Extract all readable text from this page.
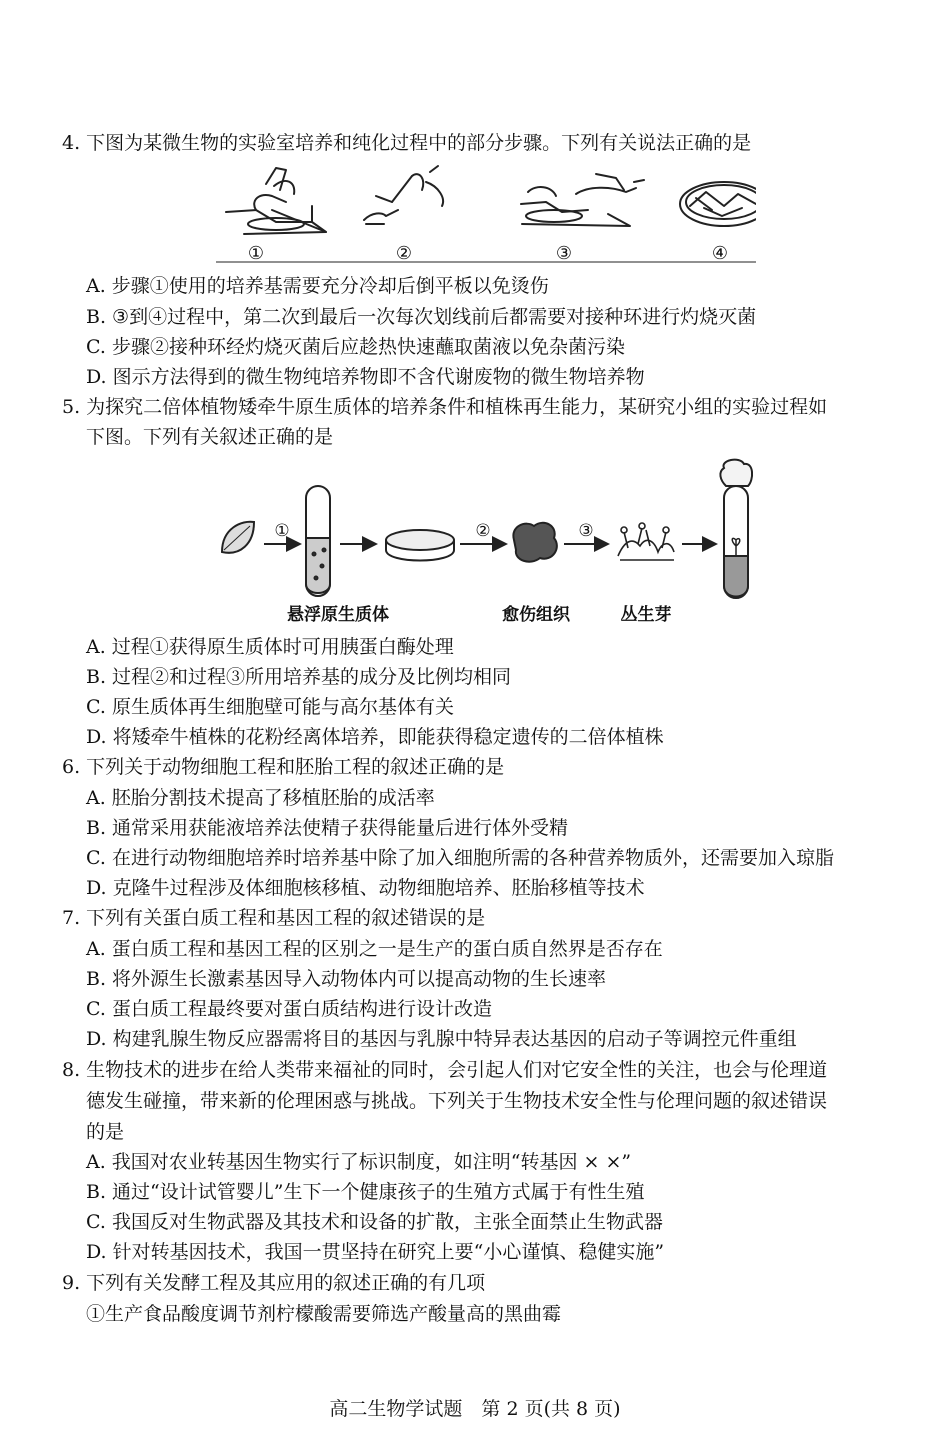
4. 下图为某微生物的实验室培养和纯化过程中的部分步骤。下列有关说法正确的是
①	②	③	④
A. 步骤①使用的培养基需要充分冷却后倒平板以免烫伤
B. ③到④过程中，第二次到最后一次每次划线前后都需要对接种环进行灼烧灭菌
C. 步骤②接种环经灼烧灭菌后应趁热快速蘸取菌液以免杂菌污染
D. 图示方法得到的微生物纯培养物即不含代谢废物的微生物培养物
5. 为探究二倍体植物矮牵牛原生质体的培养条件和植株再生能力，某研究小组的实验过程如
下图。下列有关叙述正确的是
①	②	③
悬浮原生质体	愈伤组织	丛生芽
A. 过程①获得原生质体时可用胰蛋白酶处理
B. 过程②和过程③所用培养基的成分及比例均相同
C. 原生质体再生细胞壁可能与高尔基体有关
D. 将矮牵牛植株的花粉经离体培养，即能获得稳定遗传的二倍体植株
6. 下列关于动物细胞工程和胚胎工程的叙述正确的是
A. 胚胎分割技术提高了移植胚胎的成活率
B. 通常采用获能液培养法使精子获得能量后进行体外受精
C. 在进行动物细胞培养时培养基中除了加入细胞所需的各种营养物质外，还需要加入琼脂
D. 克隆牛过程涉及体细胞核移植、动物细胞培养、胚胎移植等技术
7. 下列有关蛋白质工程和基因工程的叙述错误的是
A. 蛋白质工程和基因工程的区别之一是生产的蛋白质自然界是否存在
B. 将外源生长激素基因导入动物体内可以提高动物的生长速率
C. 蛋白质工程最终要对蛋白质结构进行设计改造
D. 构建乳腺生物反应器需将目的基因与乳腺中特异表达基因的启动子等调控元件重组
8. 生物技术的进步在给人类带来福祉的同时，会引起人们对它安全性的关注，也会与伦理道
德发生碰撞，带来新的伦理困惑与挑战。下列关于生物技术安全性与伦理问题的叙述错误
的是
A. 我国对农业转基因生物实行了标识制度，如注明“转基因 × ×”
B. 通过“设计试管婴儿”生下一个健康孩子的生殖方式属于有性生殖
C. 我国反对生物武器及其技术和设备的扩散，主张全面禁止生物武器
D. 针对转基因技术，我国一贯坚持在研究上要“小心谨慎、稳健实施”
9. 下列有关发酵工程及其应用的叙述正确的有几项
①生产食品酸度调节剂柠檬酸需要筛选产酸量高的黑曲霉
高二生物学试题　第 2 页(共 8 页)
